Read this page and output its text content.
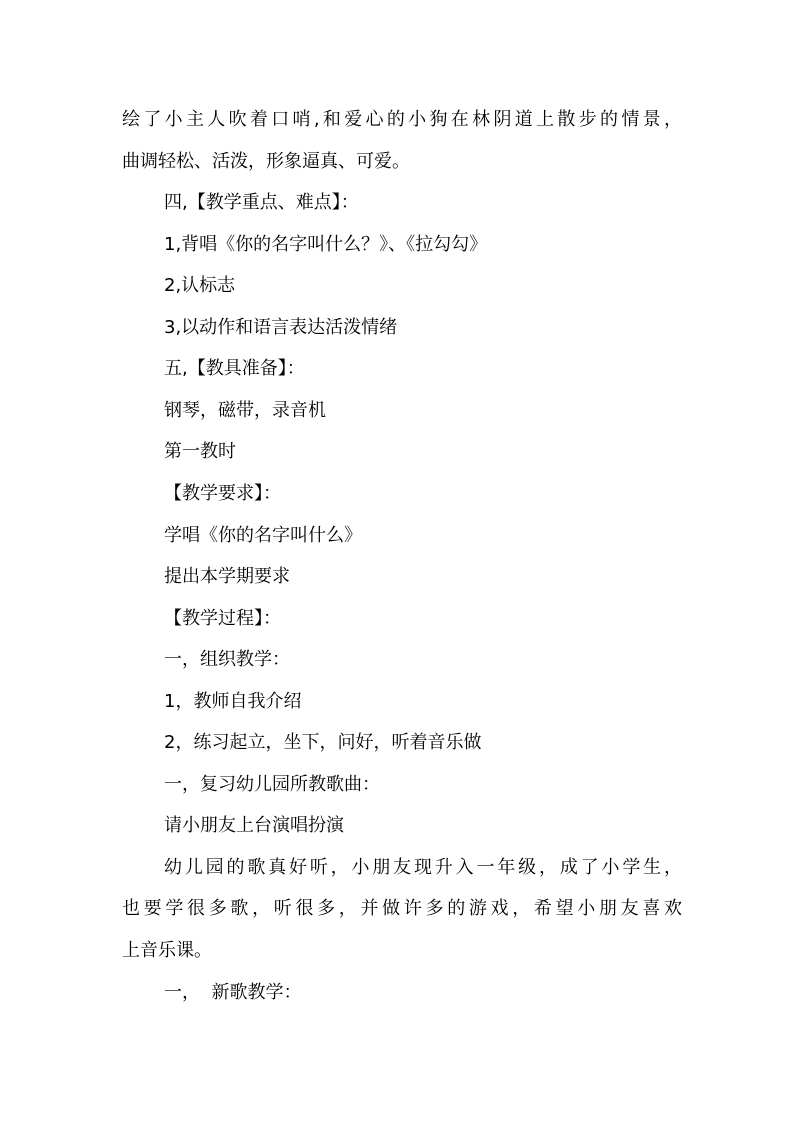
绘了小主人吹着口哨,和爱心的小狗在林阴道上散步的情景，
曲调轻松、活泼，形象逼真、可爱。
四,【教学重点、难点】：
1,背唱《你的名字叫什么？》、《拉勾勾》
2,认标志
3,以动作和语言表达活泼情绪
五,【教具准备】：
钢琴，磁带，录音机
第一教时
【教学要求】：
学唱《你的名字叫什么》
提出本学期要求
【教学过程】：
一，组织教学：
1，教师自我介绍
2，练习起立，坐下，问好，听着音乐做
一，复习幼儿园所教歌曲：
请小朋友上台演唱扮演
幼儿园的歌真好听，小朋友现升入一年级，成了小学生，
也要学很多歌，听很多，并做许多的游戏，希望小朋友喜欢
上音乐课。
一，  新歌教学：
